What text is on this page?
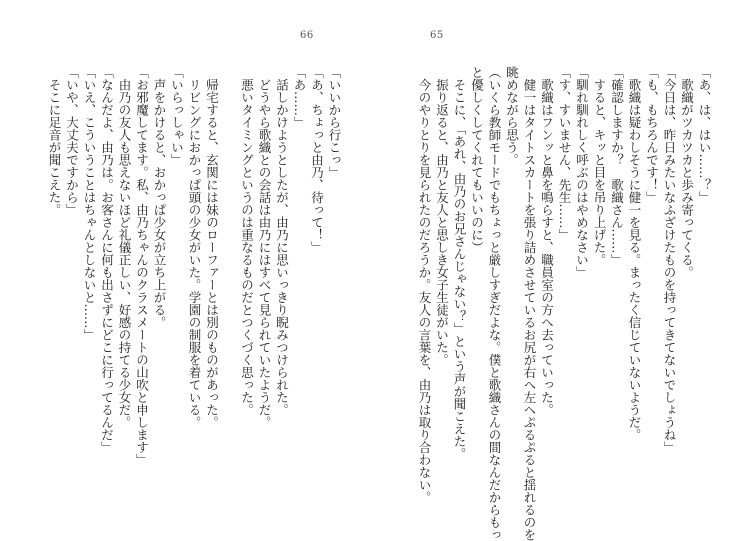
66
「いいから行こっ」
「あ、ちょっと由乃、待って！」
「あ……」
　話しかけようとしたが、由乃に思いっきり睨みつけられた。
　どうやら歌織との会話は由乃にはすべて見られていたようだ。
　悪いタイミングというのは重なるものだとつくづく思った。
　帰宅すると、玄関には妹のローファーとは別のものがあった。
　リビングにおかっぱ頭の少女がいた。学園の制服を着ている。
「いらっしゃい」
　声をかけると、おかっぱ少女が立ち上がる。
「お邪魔してます。私、由乃ちゃんのクラスメートの山吹と申します」
　由乃の友人も思えないほど礼儀正しい、好感の持てる少女だ。
「なんだよ、由乃は。お客さんに何も出さずにどこに行ってるんだ」
「いえ、こういうことはちゃんとしないと……」
「いや、大丈夫ですから」
　そこに足音が聞こえた。
65
「あ、は、はい……？」
　歌織がツカツカと歩み寄ってくる。
「今日は、昨日みたいなふざけたものを持ってきてないでしょうね」
「も、もちろんです！」
　歌織は疑わしそうに健一を見る。まったく信じていないようだ。
「確認しますか？　歌織さん……」
　すると、キッと目を吊り上げた。
「馴れ馴れしく呼ぶのはやめなさい」
「す、すいません、先生……」
　歌織はフンッと鼻を鳴らすと、職員室の方へ去っていった。
　健一はタイトスカートを張り詰めさせているお尻が右へ左へぷるぷると揺れるのを
眺めながら思う。
（いくら教師モードでもちょっと厳しすぎだよな。僕と歌織さんの間なんだからもっ
と優しくしてくれてもいいのに）
　そこに、「あれ、由乃のお兄さんじゃない？」という声が聞こえた。
　振り返ると、由乃と友人と思しき女子生徒がいた。
　今のやりとりを見られたのだろうか。友人の言葉を、由乃は取り合わない。
